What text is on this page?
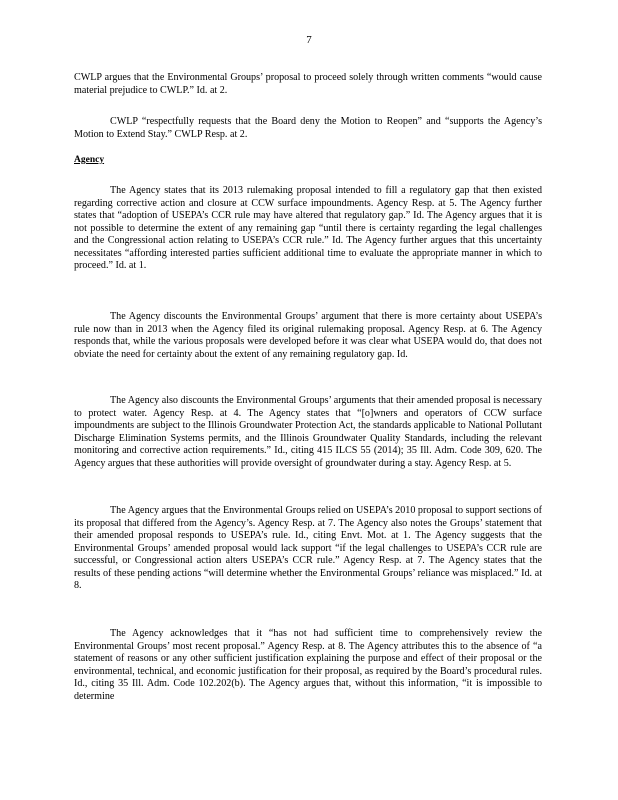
7

CWLP argues that the Environmental Groups’ proposal to proceed solely through written comments “would cause material prejudice to CWLP.” Id. at 2.

CWLP “respectfully requests that the Board deny the Motion to Reopen” and “supports the Agency’s Motion to Extend Stay.” CWLP Resp. at 2.

Agency

The Agency states that its 2013 rulemaking proposal intended to fill a regulatory gap that then existed regarding corrective action and closure at CCW surface impoundments. Agency Resp. at 5. The Agency further states that “adoption of USEPA’s CCR rule may have altered that regulatory gap.” Id. The Agency argues that it is not possible to determine the extent of any remaining gap “until there is certainty regarding the legal challenges and the Congressional action relating to USEPA’s CCR rule.” Id. The Agency further argues that this uncertainty necessitates “affording interested parties sufficient additional time to evaluate the appropriate manner in which to proceed.” Id. at 1.

The Agency discounts the Environmental Groups’ argument that there is more certainty about USEPA’s rule now than in 2013 when the Agency filed its original rulemaking proposal. Agency Resp. at 6. The Agency responds that, while the various proposals were developed before it was clear what USEPA would do, that does not obviate the need for certainty about the extent of any remaining regulatory gap. Id.

The Agency also discounts the Environmental Groups’ arguments that their amended proposal is necessary to protect water. Agency Resp. at 4. The Agency states that “[o]wners and operators of CCW surface impoundments are subject to the Illinois Groundwater Protection Act, the standards applicable to National Pollutant Discharge Elimination Systems permits, and the Illinois Groundwater Quality Standards, including the relevant monitoring and corrective action requirements.” Id., citing 415 ILCS 55 (2014); 35 Ill. Adm. Code 309, 620. The Agency argues that these authorities will provide oversight of groundwater during a stay. Agency Resp. at 5.

The Agency argues that the Environmental Groups relied on USEPA’s 2010 proposal to support sections of its proposal that differed from the Agency’s. Agency Resp. at 7. The Agency also notes the Groups’ statement that their amended proposal responds to USEPA’s rule. Id., citing Envt. Mot. at 1. The Agency suggests that the Environmental Groups’ amended proposal would lack support “if the legal challenges to USEPA’s CCR rule are successful, or Congressional action alters USEPA’s CCR rule.” Agency Resp. at 7. The Agency states that the results of these pending actions “will determine whether the Environmental Groups’ reliance was misplaced.” Id. at 8.

The Agency acknowledges that it “has not had sufficient time to comprehensively review the Environmental Groups’ most recent proposal.” Agency Resp. at 8. The Agency attributes this to the absence of “a statement of reasons or any other sufficient justification explaining the purpose and effect of their proposal or the environmental, technical, and economic justification for their proposal, as required by the Board’s procedural rules. Id., citing 35 Ill. Adm. Code 102.202(b). The Agency argues that, without this information, “it is impossible to determine
